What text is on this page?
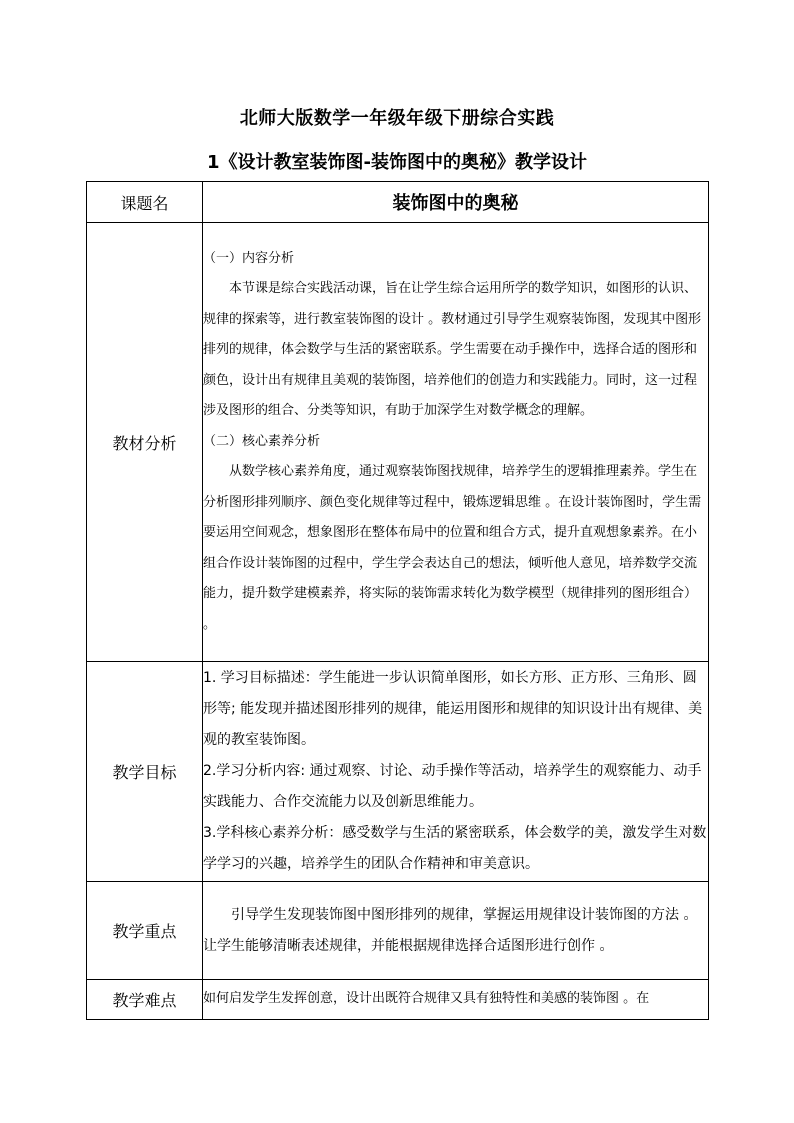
北师大版数学一年级年级下册综合实践
1《设计教室装饰图-装饰图中的奥秘》教学设计
课题名	装饰图中的奥秘
教材分析	（一）内容分析

本节课是综合实践活动课，旨在让学生综合运用所学的数学知识，如图形的认识、规律的探索等，进行教室装饰图的设计 。教材通过引导学生观察装饰图，发现其中图形排列的规律，体会数学与生活的紧密联系。学生需要在动手操作中，选择合适的图形和颜色，设计出有规律且美观的装饰图，培养他们的创造力和实践能力。同时，这一过程涉及图形的组合、分类等知识，有助于加深学生对数学概念的理解。

（二）核心素养分析

从数学核心素养角度，通过观察装饰图找规律，培养学生的逻辑推理素养。学生在分析图形排列顺序、颜色变化规律等过程中，锻炼逻辑思维 。在设计装饰图时，学生需要运用空间观念，想象图形在整体布局中的位置和组合方式，提升直观想象素养。在小组合作设计装饰图的过程中，学生学会表达自己的想法，倾听他人意见，培养数学交流能力，提升数学建模素养，将实际的装饰需求转化为数学模型（规律排列的图形组合） 。

教学目标	1. 学习目标描述：学生能进一步认识简单图形，如长方形、正方形、三角形、圆形等; 能发现并描述图形排列的规律，能运用图形和规律的知识设计出有规律、美观的教室装饰图。

2.学习分析内容: 通过观察、讨论、动手操作等活动，培养学生的观察能力、动手实践能力、合作交流能力以及创新思维能力。

3.学科核心素养分析：感受数学与生活的紧密联系，体会数学的美，激发学生对数学学习的兴趣，培养学生的团队合作精神和审美意识。

教学重点	引导学生发现装饰图中图形排列的规律，掌握运用规律设计装饰图的方法 。让学生能够清晰表述规律，并能根据规律选择合适图形进行创作 。

教学难点	如何启发学生发挥创意，设计出既符合规律又具有独特性和美感的装饰图 。在
